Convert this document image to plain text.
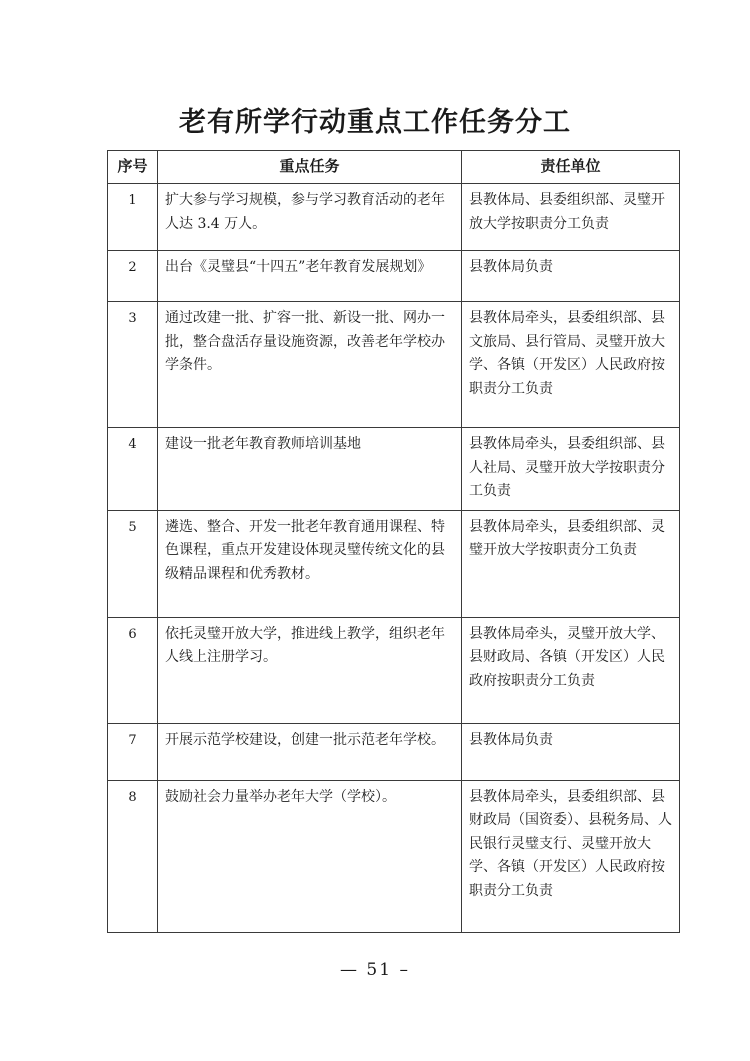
老有所学行动重点工作任务分工
序号	重点任务	责任单位
1	扩大参与学习规模，参与学习教育活动的老年人达 3.4 万人。	县教体局、县委组织部、灵璧开放大学按职责分工负责
2	出台《灵璧县“十四五”老年教育发展规划》	县教体局负责
3	通过改建一批、扩容一批、新设一批、网办一批，整合盘活存量设施资源，改善老年学校办学条件。	县教体局牵头，县委组织部、县文旅局、县行管局、灵璧开放大学、各镇（开发区）人民政府按职责分工负责
4	建设一批老年教育教师培训基地	县教体局牵头，县委组织部、县人社局、灵璧开放大学按职责分工负责
5	遴选、整合、开发一批老年教育通用课程、特色课程，重点开发建设体现灵璧传统文化的县级精品课程和优秀教材。	县教体局牵头，县委组织部、灵璧开放大学按职责分工负责
6	依托灵璧开放大学，推进线上教学，组织老年人线上注册学习。	县教体局牵头，灵璧开放大学、县财政局、各镇（开发区）人民政府按职责分工负责
7	开展示范学校建设，创建一批示范老年学校。	县教体局负责
8	鼓励社会力量举办老年大学（学校）。	县教体局牵头，县委组织部、县财政局（国资委）、县税务局、人民银行灵璧支行、灵璧开放大学、各镇（开发区）人民政府按职责分工负责
— 51 –
